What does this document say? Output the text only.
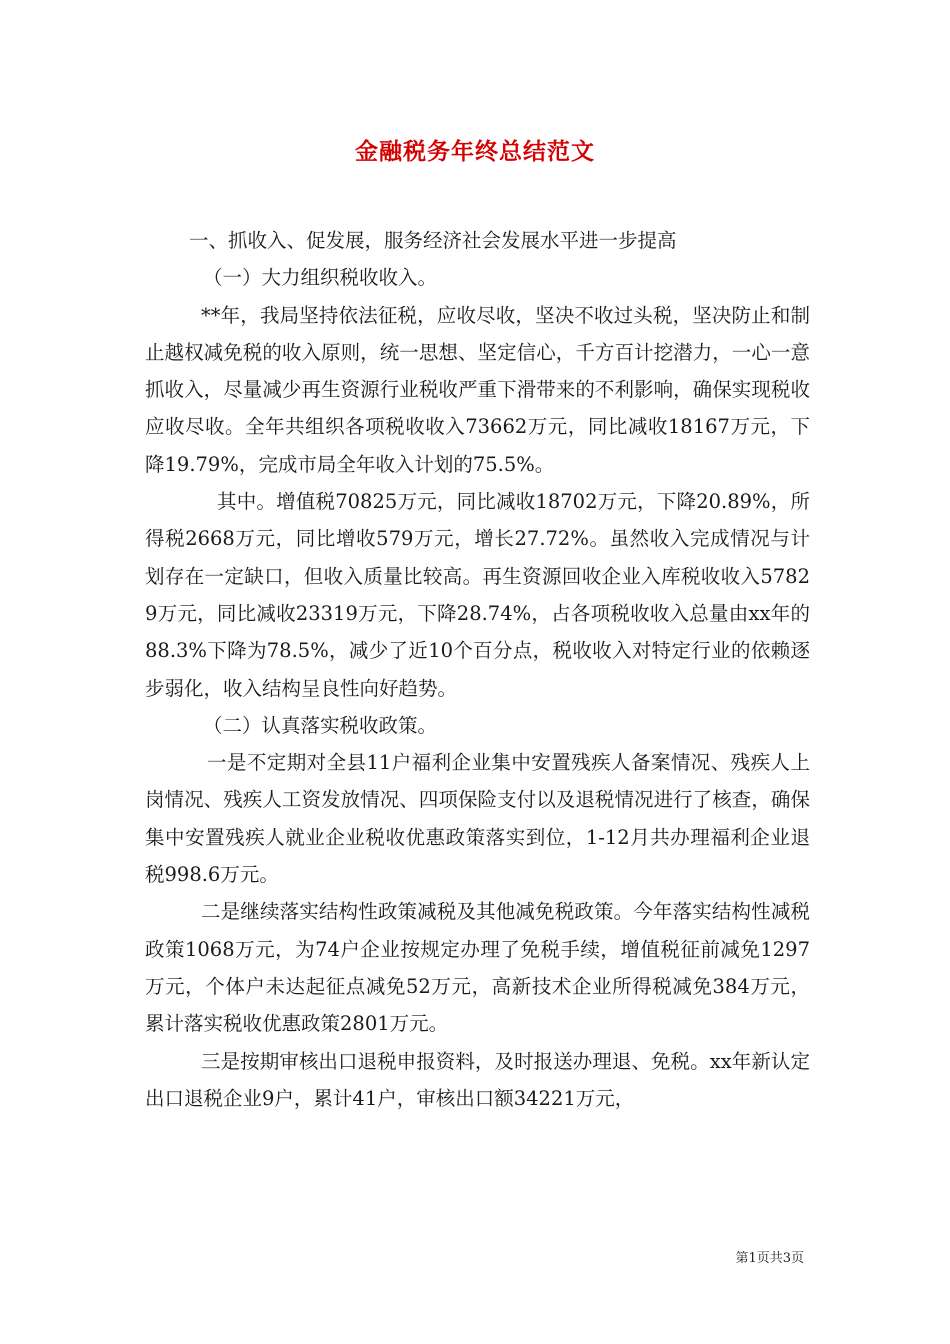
金融税务年终总结范文

一、抓收入、促发展，服务经济社会发展水平进一步提高

（一）大力组织税收收入。

**年，我局坚持依法征税，应收尽收，坚决不收过头税，坚决防止和制止越权减免税的收入原则，统一思想、坚定信心，千方百计挖潜力，一心一意抓收入，尽量减少再生资源行业税收严重下滑带来的不利影响，确保实现税收应收尽收。全年共组织各项税收收入73662万元，同比减收18167万元，下降19.79%，完成市局全年收入计划的75.5%。

其中。增值税70825万元，同比减收18702万元，下降20.89%，所得税2668万元，同比增收579万元，增长27.72%。虽然收入完成情况与计划存在一定缺口，但收入质量比较高。再生资源回收企业入库税收收入57829万元，同比减收23319万元，下降28.74%，占各项税收收入总量由xx年的88.3%下降为78.5%，减少了近10个百分点，税收收入对特定行业的依赖逐步弱化，收入结构呈良性向好趋势。

（二）认真落实税收政策。

一是不定期对全县11户福利企业集中安置残疾人备案情况、残疾人上岗情况、残疾人工资发放情况、四项保险支付以及退税情况进行了核查，确保集中安置残疾人就业企业税收优惠政策落实到位，1-12月共办理福利企业退税998.6万元。

二是继续落实结构性政策减税及其他减免税政策。今年落实结构性减税政策1068万元，为74户企业按规定办理了免税手续，增值税征前减免1297万元，个体户未达起征点减免52万元，高新技术企业所得税减免384万元，累计落实税收优惠政策2801万元。

三是按期审核出口退税申报资料，及时报送办理退、免税。xx年新认定出口退税企业9户，累计41户，审核出口额34221万元，

第1页共3页
